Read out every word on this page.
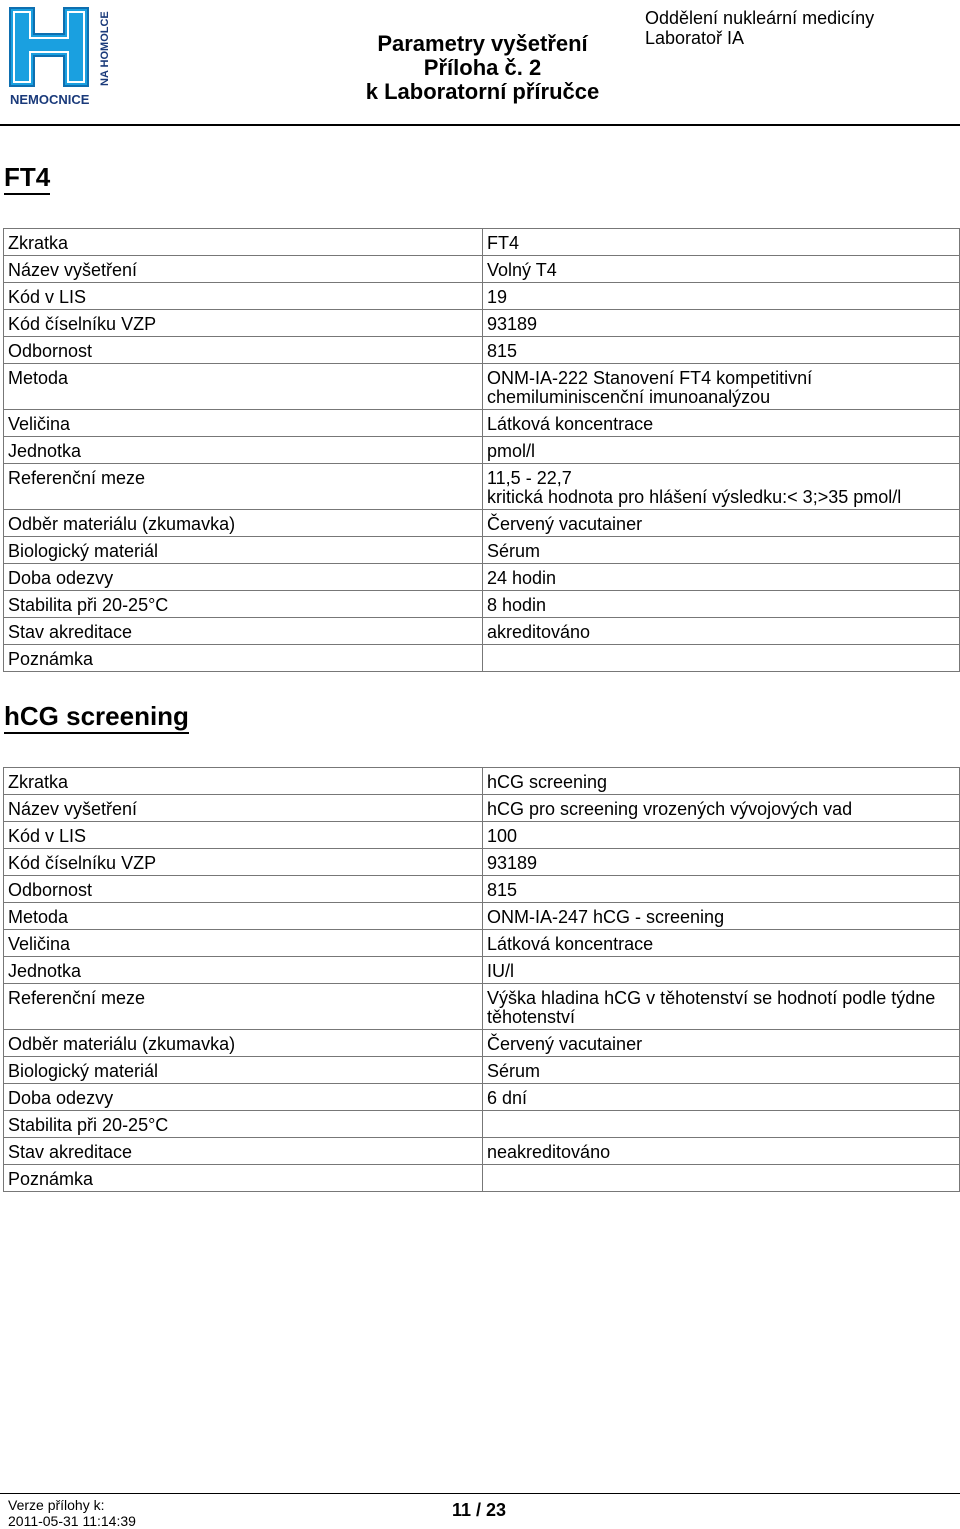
NEMOCNICE
NA HOMOLCE	Parametry vyšetření
Příloha č. 2
k Laboratorní příručce
Oddělení nukleární medicíny
Laboratoř IA
FT4
Zkratka	FT4
Název vyšetření	Volný T4
Kód v LIS	19
Kód číselníku VZP	93189
Odbornost	815
Metoda	ONM-IA-222 Stanovení FT4 kompetitivní chemiluminiscenční imunoanalýzou
Veličina	Látková koncentrace
Jednotka	pmol/l
Referenční meze	11,5 - 22,7
kritická hodnota pro hlášení výsledku:< 3;>35 pmol/l

Odběr materiálu (zkumavka)	Červený vacutainer
Biologický materiál	Sérum
Doba odezvy	24 hodin
Stabilita při 20-25°C	8 hodin
Stav akreditace	akreditováno
Poznámka	
hCG screening
Zkratka	hCG screening
Název vyšetření	hCG pro screening vrozených vývojových vad
Kód v LIS	100
Kód číselníku VZP	93189
Odbornost	815
Metoda	ONM-IA-247 hCG - screening
Veličina	Látková koncentrace
Jednotka	IU/l
Referenční meze	Výška hladina hCG v těhotenství se hodnotí podle týdne těhotenství
Odběr materiálu (zkumavka)	Červený vacutainer
Biologický materiál	Sérum
Doba odezvy	6 dní
Stabilita při 20-25°C	
Stav akreditace	neakreditováno
Poznámka	
Verze přílohy k:
2011-05-31 11:14:39
11 / 23
